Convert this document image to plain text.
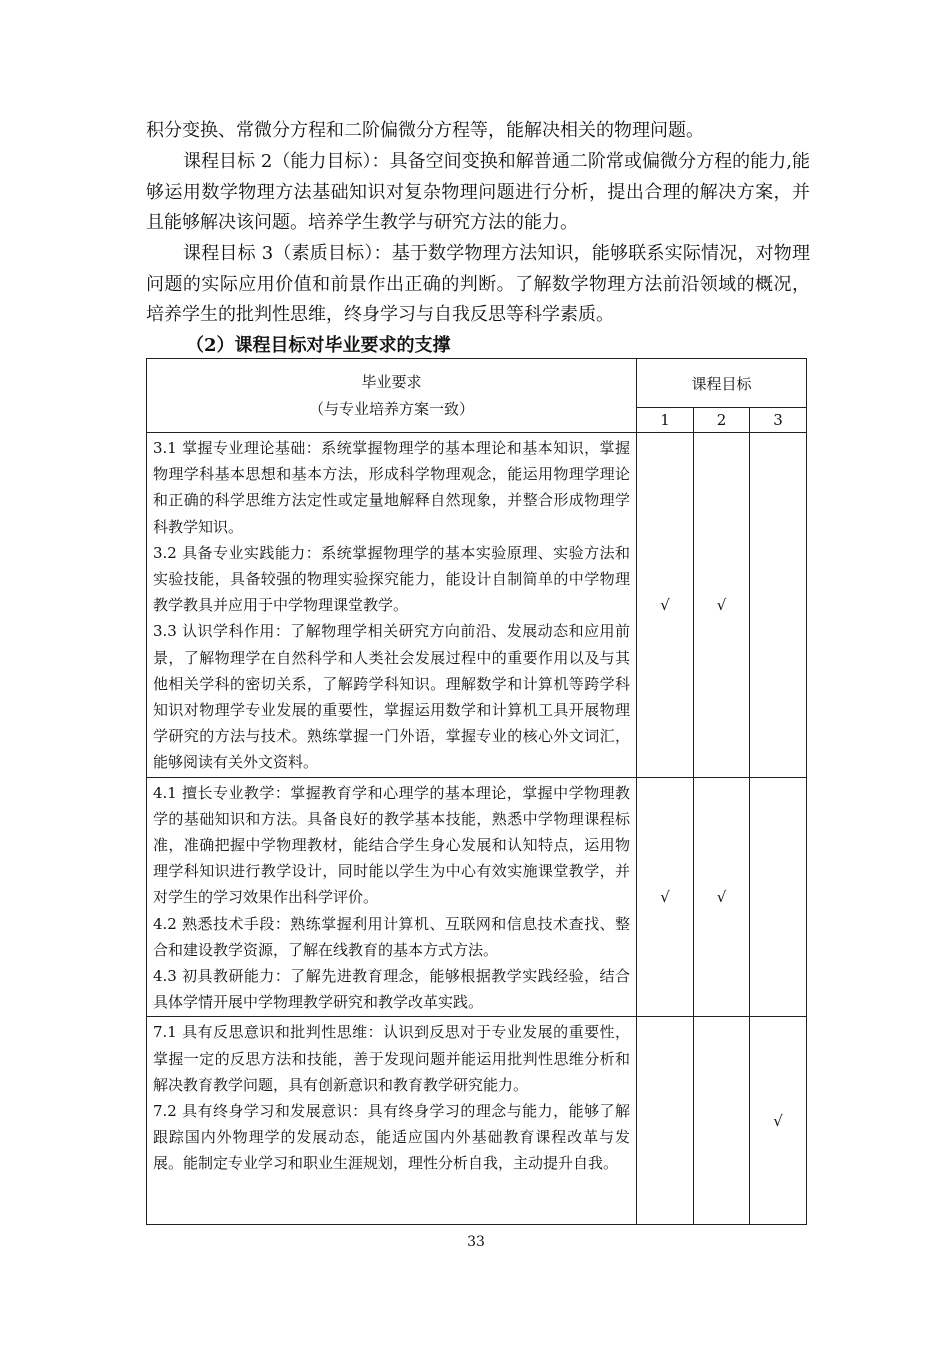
积分变换、常微分方程和二阶偏微分方程等，能解决相关的物理问题。

课程目标 2（能力目标）：具备空间变换和解普通二阶常或偏微分方程的能力,能够运用数学物理方法基础知识对复杂物理问题进行分析，提出合理的解决方案，并且能够解决该问题。培养学生教学与研究方法的能力。

课程目标 3（素质目标）：基于数学物理方法知识，能够联系实际情况，对物理问题的实际应用价值和前景作出正确的判断。了解数学物理方法前沿领域的概况，培养学生的批判性思维，终身学习与自我反思等科学素质。

（2）课程目标对毕业要求的支撑
毕业要求
（与专业培养方案一致）	课程目标		
	1	2	3

3.1 掌握专业理论基础：系统掌握物理学的基本理论和基本知识，掌握物理学科基本思想和基本方法，形成科学物理观念，能运用物理学理论和正确的科学思维方法定性或定量地解释自然现象，并整合形成物理学科教学知识。
3.2 具备专业实践能力：系统掌握物理学的基本实验原理、实验方法和实验技能，具备较强的物理实验探究能力，能设计自制简单的中学物理教学教具并应用于中学物理课堂教学。
3.3 认识学科作用：了解物理学相关研究方向前沿、发展动态和应用前景，了解物理学在自然科学和人类社会发展过程中的重要作用以及与其他相关学科的密切关系，了解跨学科知识。理解数学和计算机等跨学科知识对物理学专业发展的重要性，掌握运用数学和计算机工具开展物理学研究的方法与技术。熟练掌握一门外语，掌握专业的核心外文词汇，能够阅读有关外文资料。	√	√	

4.1 擅长专业教学：掌握教育学和心理学的基本理论，掌握中学物理教学的基础知识和方法。具备良好的教学基本技能，熟悉中学物理课程标准，准确把握中学物理教材，能结合学生身心发展和认知特点，运用物理学科知识进行教学设计，同时能以学生为中心有效实施课堂教学，并对学生的学习效果作出科学评价。
4.2 熟悉技术手段：熟练掌握利用计算机、互联网和信息技术查找、整合和建设教学资源，了解在线教育的基本方式方法。
4.3 初具教研能力：了解先进教育理念，能够根据教学实践经验，结合具体学情开展中学物理教学研究和教学改革实践。	√	√	

7.1 具有反思意识和批判性思维：认识到反思对于专业发展的重要性，掌握一定的反思方法和技能，善于发现问题并能运用批判性思维分析和解决教育教学问题，具有创新意识和教育教学研究能力。
7.2 具有终身学习和发展意识：具有终身学习的理念与能力，能够了解跟踪国内外物理学的发展动态，能适应国内外基础教育课程改革与发展。能制定专业学习和职业生涯规划，理性分析自我，主动提升自我。			√
33
